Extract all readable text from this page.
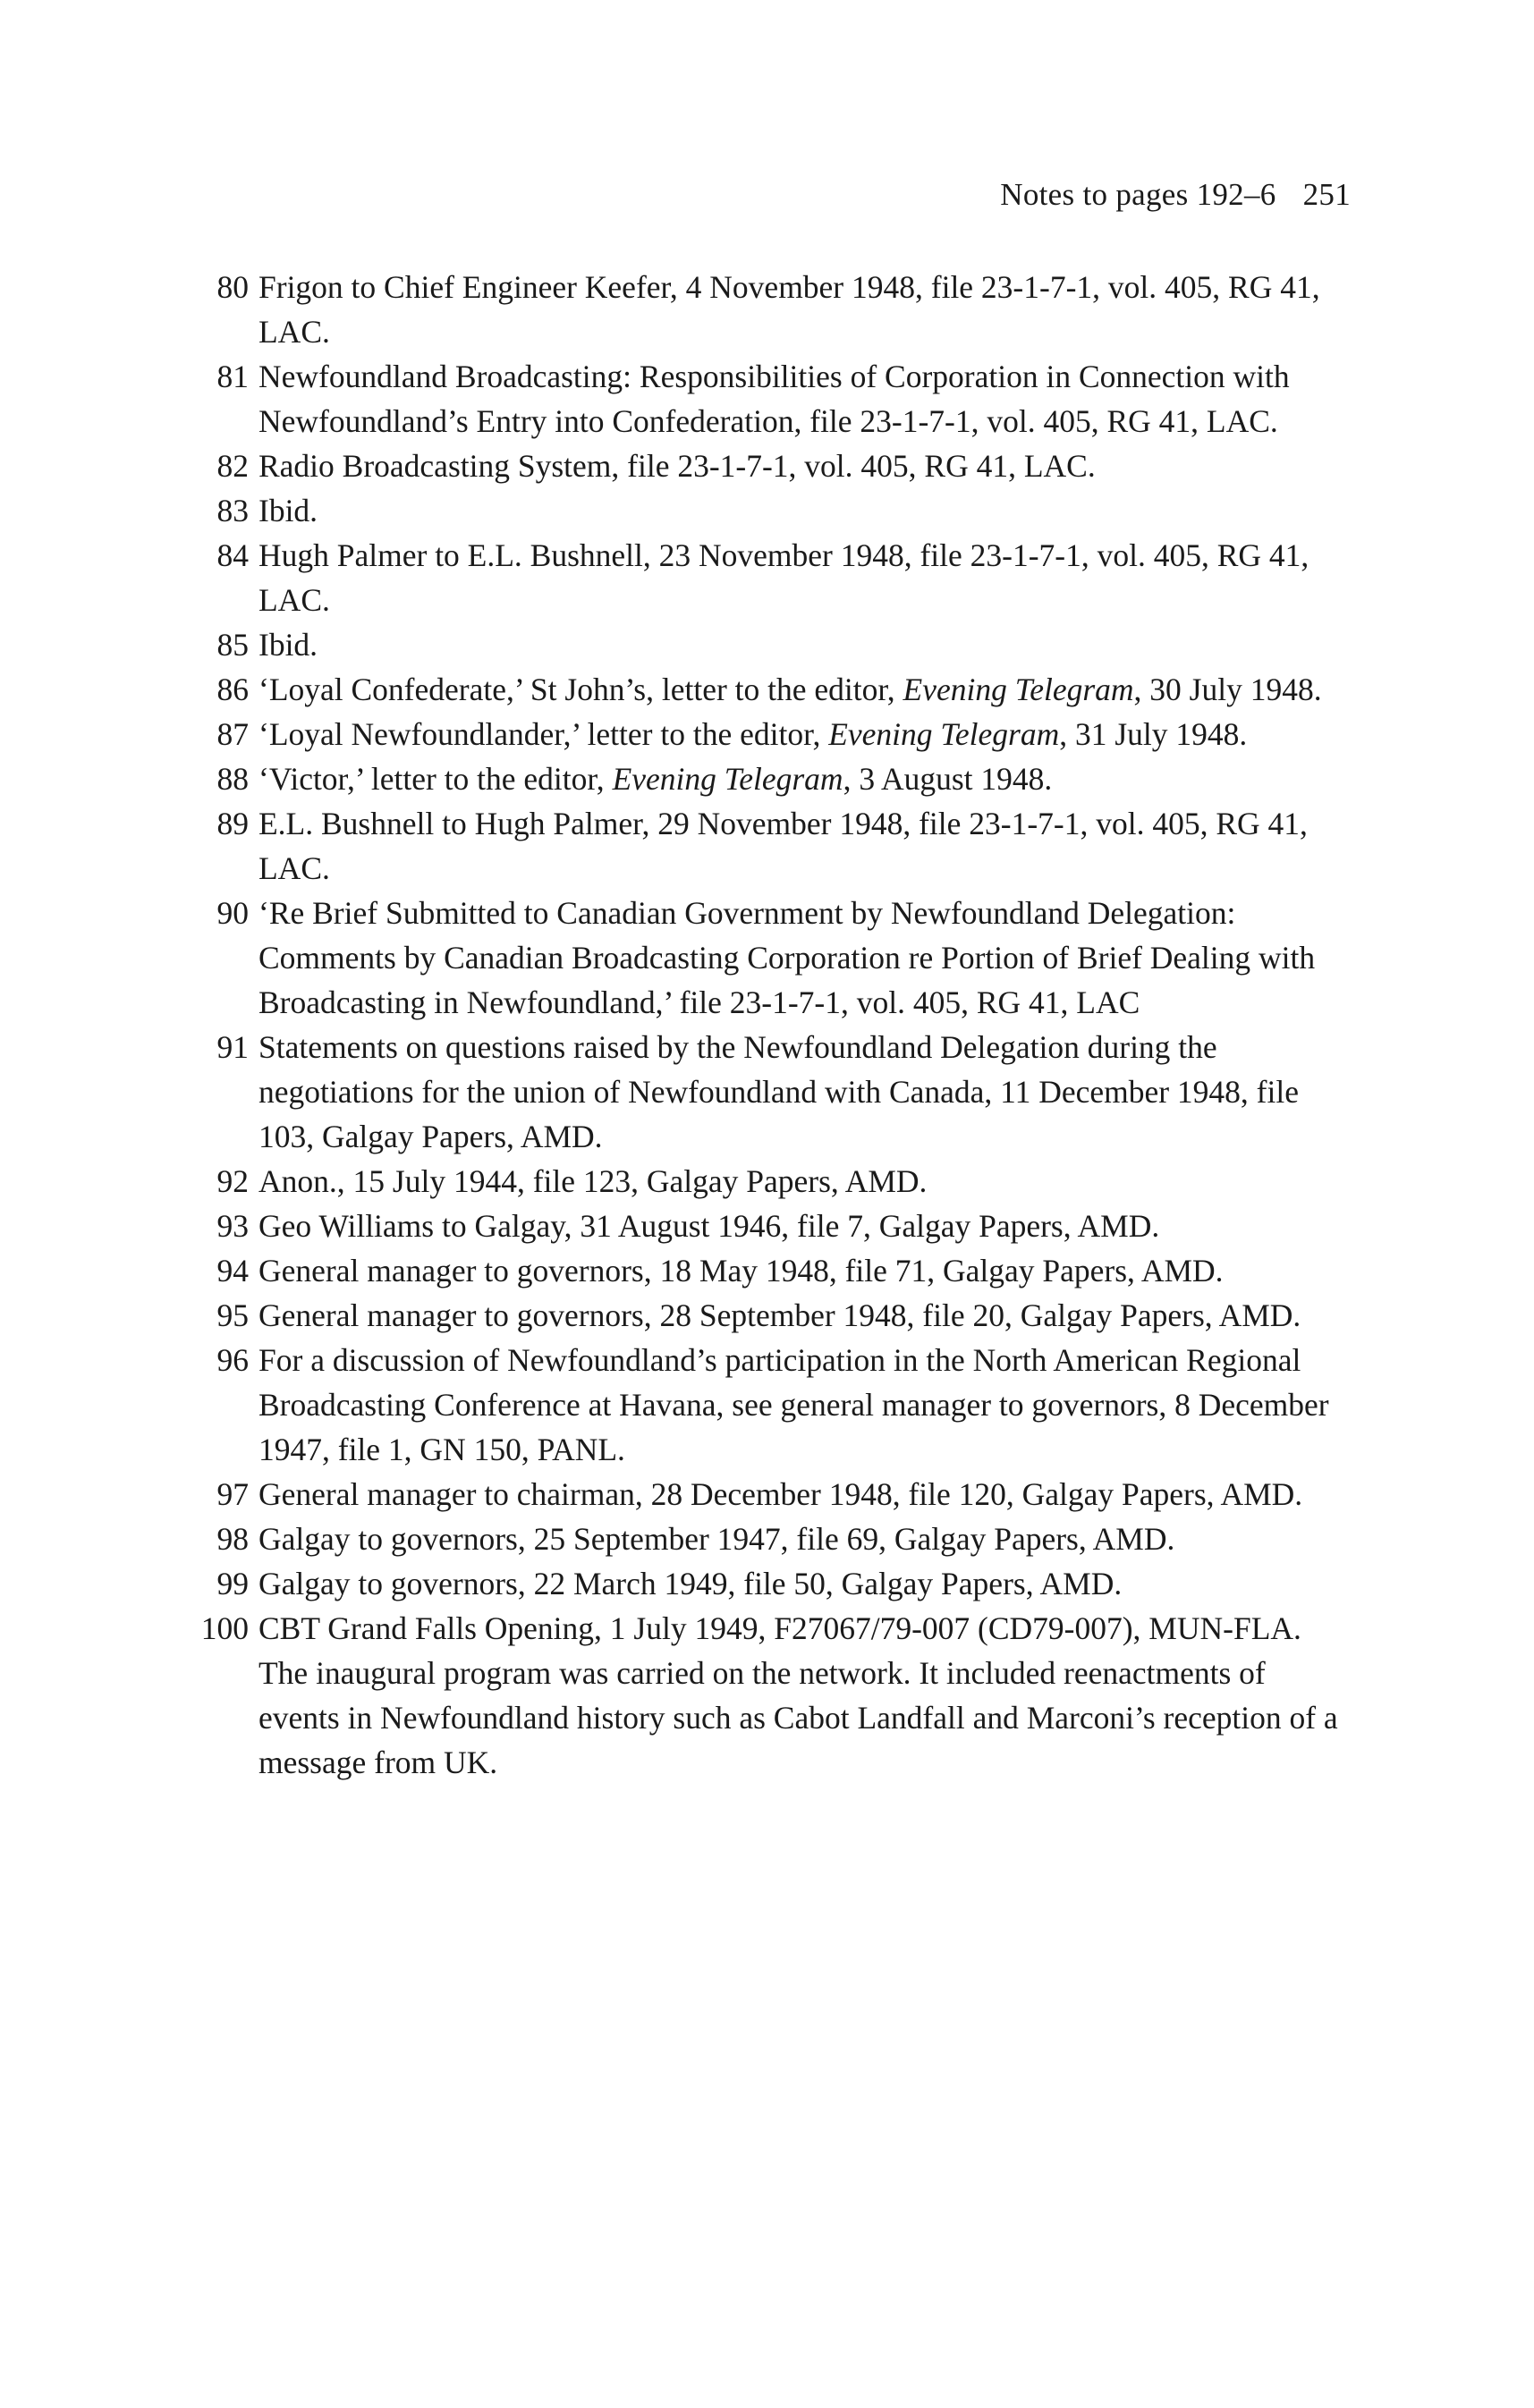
Notes to pages 192–6 251
80 Frigon to Chief Engineer Keefer, 4 November 1948, file 23-1-7-1, vol. 405, RG 41, LAC.
81 Newfoundland Broadcasting: Responsibilities of Corporation in Connection with Newfoundland’s Entry into Confederation, file 23-1-7-1, vol. 405, RG 41, LAC.
82 Radio Broadcasting System, file 23-1-7-1, vol. 405, RG 41, LAC.
83 Ibid.
84 Hugh Palmer to E.L. Bushnell, 23 November 1948, file 23-1-7-1, vol. 405, RG 41, LAC.
85 Ibid.
86 ‘Loyal Confederate,’ St John’s, letter to the editor, Evening Telegram, 30 July 1948.
87 ‘Loyal Newfoundlander,’ letter to the editor, Evening Telegram, 31 July 1948.
88 ‘Victor,’ letter to the editor, Evening Telegram, 3 August 1948.
89 E.L. Bushnell to Hugh Palmer, 29 November 1948, file 23-1-7-1, vol. 405, RG 41, LAC.
90 ‘Re Brief Submitted to Canadian Government by Newfoundland Delegation: Comments by Canadian Broadcasting Corporation re Portion of Brief Dealing with Broadcasting in Newfoundland,’ file 23-1-7-1, vol. 405, RG 41, LAC
91 Statements on questions raised by the Newfoundland Delegation during the negotiations for the union of Newfoundland with Canada, 11 December 1948, file 103, Galgay Papers, AMD.
92 Anon., 15 July 1944, file 123, Galgay Papers, AMD.
93 Geo Williams to Galgay, 31 August 1946, file 7, Galgay Papers, AMD.
94 General manager to governors, 18 May 1948, file 71, Galgay Papers, AMD.
95 General manager to governors, 28 September 1948, file 20, Galgay Papers, AMD.
96 For a discussion of Newfoundland’s participation in the North American Regional Broadcasting Conference at Havana, see general manager to governors, 8 December 1947, file 1, GN 150, PANL.
97 General manager to chairman, 28 December 1948, file 120, Galgay Papers, AMD.
98 Galgay to governors, 25 September 1947, file 69, Galgay Papers, AMD.
99 Galgay to governors, 22 March 1949, file 50, Galgay Papers, AMD.
100 CBT Grand Falls Opening, 1 July 1949, F27067/79-007 (CD79-007), MUN-FLA. The inaugural program was carried on the network. It included reenactments of events in Newfoundland history such as Cabot Landfall and Marconi’s reception of a message from UK.
